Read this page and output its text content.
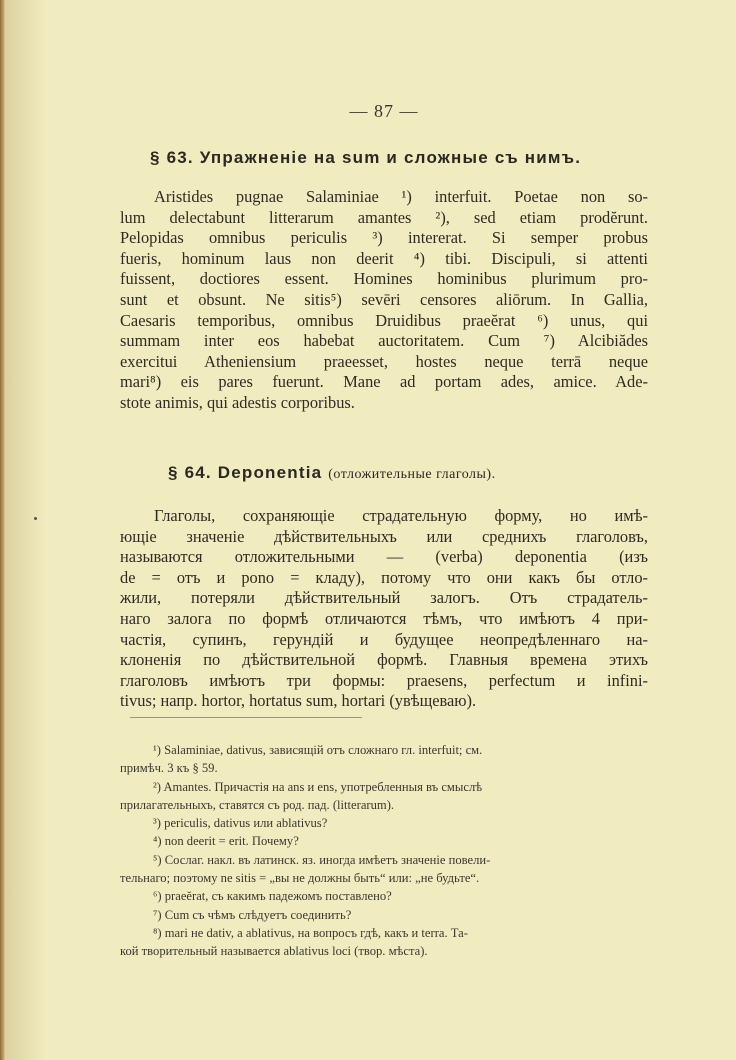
— 87 —
§ 63. Упражненіе на sum и сложные съ нимъ.
Aristides pugnae Salaminiae ¹) interfuit. Poetae non so-
lum delectabunt litterarum amantes ²), sed etiam prodĕrunt.
Pelopidas omnibus periculis ³) intererat. Si semper probus
fueris, hominum laus non deerit ⁴) tibi. Discipuli, si attenti
fuissent, doctiores essent. Homines hominibus plurimum pro-
sunt et obsunt. Ne sitis⁵) sevēri censores aliōrum. In Gallia,
Caesaris temporibus, omnibus Druidibus praeĕrat ⁶) unus, qui
summam inter eos habebat auctoritatem. Cum ⁷) Alcibiădes
exercitui Atheniensium praeesset, hostes neque terrā neque
mari⁸) eis pares fuerunt. Mane ad portam ades, amice. Ade-
stote animis, qui adestis corporibus.
§ 64. Deponentia (отложительные глаголы).
Глаголы, сохраняющіе страдательную форму, но имѣ-
ющіе значеніе дѣйствительныхъ или среднихъ глаголовъ,
называются отложительными — (verba) deponentia (изъ
de = отъ и pono = кладу), потому что они какъ бы отло-
жили, потеряли дѣйствительный залогъ. Отъ страдатель-
наго залога по формѣ отличаются тѣмъ, что имѣютъ 4 при-
частія, супинъ, герундій и будущее неопредѣленнаго на-
клоненія по дѣйствительной формѣ. Главныя времена этихъ
глаголовъ имѣютъ три формы: praesens, perfectum и infini-
tivus; напр. hortor, hortatus sum, hortari (увѣщеваю).
¹) Salaminiae, dativus, зависящій отъ сложнаго гл. interfuit; см.
примѣч. 3 къ § 59.
²) Amantes. Причастія на ans и ens, употребленныя въ смыслѣ
прилагательныхъ, ставятся съ род. пад. (litterarum).
³) periculis, dativus или ablativus?
⁴) non deerit = erit. Почему?
⁵) Сослаг. накл. въ латинск. яз. иногда имѣетъ значеніе повели-
тельнаго; поэтому ne sitis = „вы не должны быть“ или: „не будьте“.
⁶) praeĕrat, съ какимъ падежомъ поставлено?
⁷) Cum съ чѣмъ слѣдуетъ соединить?
⁸) mari не dativ, а ablativus, на вопросъ гдѣ, какъ и terra. Та-
кой творительный называется ablativus loci (твор. мѣста).
